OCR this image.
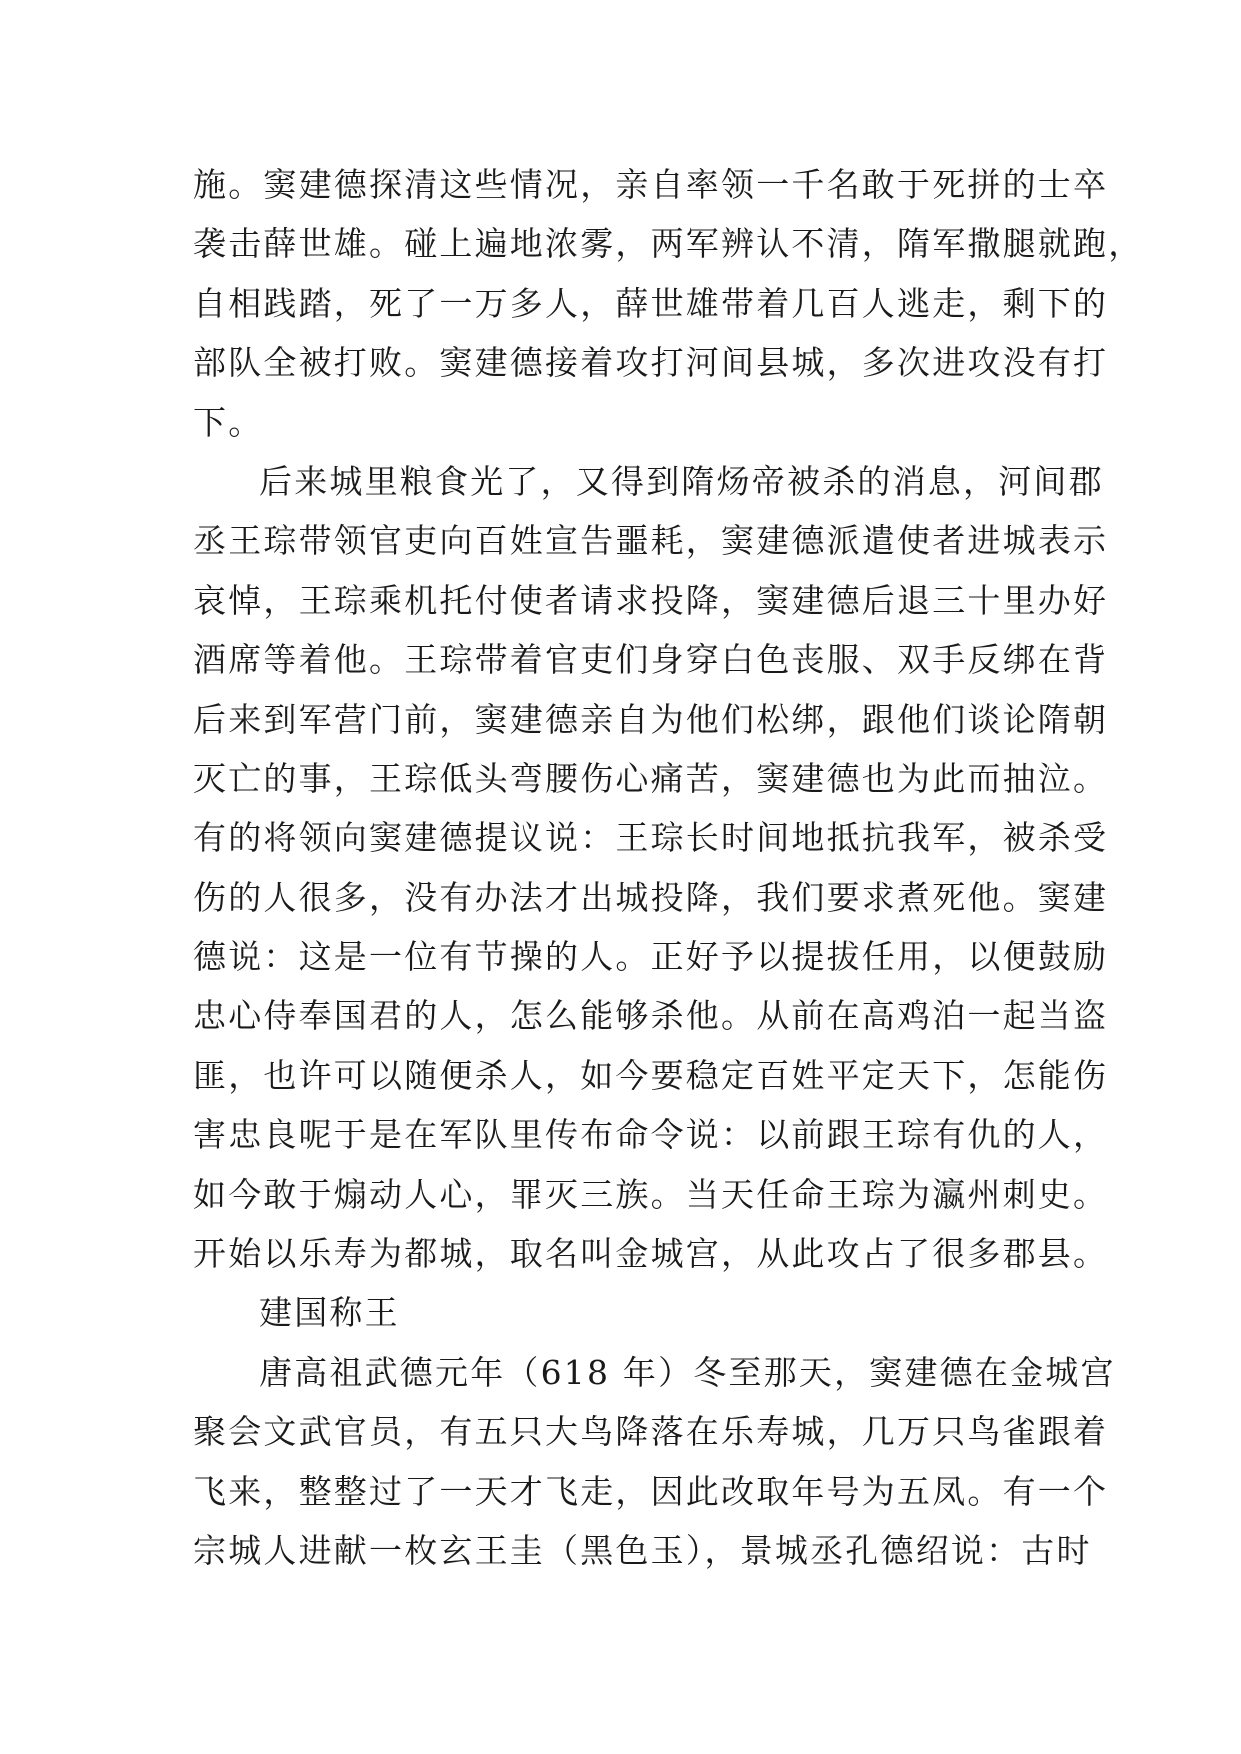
施。窦建德探清这些情况，亲自率领一千名敢于死拼的士卒
袭击薛世雄。碰上遍地浓雾，两军辨认不清，隋军撒腿就跑，
自相践踏，死了一万多人，薛世雄带着几百人逃走，剩下的
部队全被打败。窦建德接着攻打河间县城，多次进攻没有打
下。
后来城里粮食光了，又得到隋炀帝被杀的消息，河间郡
丞王琮带领官吏向百姓宣告噩耗，窦建德派遣使者进城表示
哀悼，王琮乘机托付使者请求投降，窦建德后退三十里办好
酒席等着他。王琮带着官吏们身穿白色丧服、双手反绑在背
后来到军营门前，窦建德亲自为他们松绑，跟他们谈论隋朝
灭亡的事，王琮低头弯腰伤心痛苦，窦建德也为此而抽泣。
有的将领向窦建德提议说：王琮长时间地抵抗我军，被杀受
伤的人很多，没有办法才出城投降，我们要求煮死他。窦建
德说：这是一位有节操的人。正好予以提拔任用，以便鼓励
忠心侍奉国君的人，怎么能够杀他。从前在高鸡泊一起当盗
匪，也许可以随便杀人，如今要稳定百姓平定天下，怎能伤
害忠良呢于是在军队里传布命令说：以前跟王琮有仇的人，
如今敢于煽动人心，罪灭三族。当天任命王琮为瀛州刺史。
开始以乐寿为都城，取名叫金城宫，从此攻占了很多郡县。
建国称王
唐高祖武德元年（618 年）冬至那天，窦建德在金城宫
聚会文武官员，有五只大鸟降落在乐寿城，几万只鸟雀跟着
飞来，整整过了一天才飞走，因此改取年号为五凤。有一个
宗城人进献一枚玄王圭（黑色玉），景城丞孔德绍说：古时
